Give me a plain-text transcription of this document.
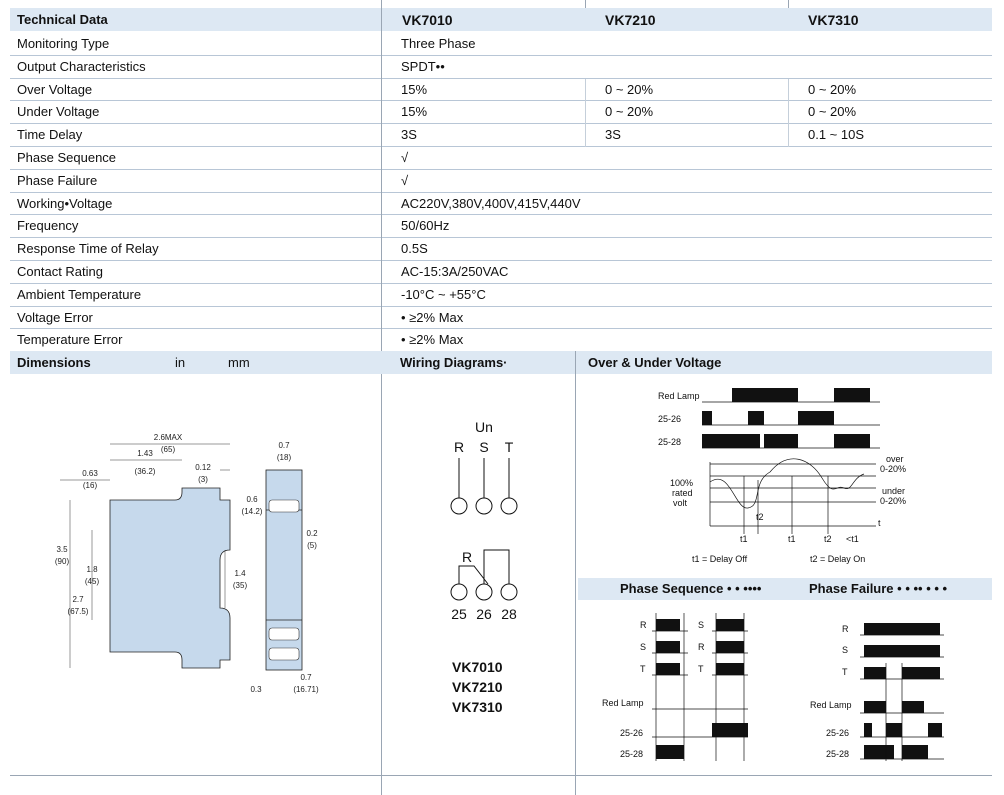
Technical Data	VK7010	VK7210	VK7310
Monitoring Type	Three Phase
Output Characteristics	SPDT••
Over Voltage	15%	0 ~ 20%	0 ~ 20%
Under Voltage	15%	0 ~ 20%	0 ~ 20%
Time Delay	3S	3S	0.1 ~ 10S
Phase Sequence	√
Phase Failure	√
Working•Voltage	AC220V,380V,400V,415V,440V
Frequency	50/60Hz
Response Time of Relay	0.5S
Contact Rating	AC-15:3A/250VAC
Ambient Temperature	-10°C ~ +55°C
Voltage Error	• ≥2% Max
Temperature Error	• ≥2% Max
Dimensions	in	mm	Wiring Diagrams·	Over & Under Voltage
Phase Sequence • • ••••	Phase Failure • • •• • • •
2.6MAX
(65)
1.43
(36.2)
0.63
(16)
0.12
(3)
3.5
(90)
2.7
(67.5)
1.8
(45)
1.4
(35)
0.7
(18)
0.6
(14.2)
0.2
(5)
0.7
(16.71)
0.3
Un
R S T
R
25 26 28
VK7010
VK7210
VK7310
Red Lamp
25-26
25-28
100%
rated
volt
over
0-20%
under
0-20%
t
t1
t2
t1	t2 <t1
t1 = Delay Off	t2 = Delay On
R
S
T
S
R
T
Red Lamp
25-26
25-28
R
S
T
Red Lamp
25-26
25-28
